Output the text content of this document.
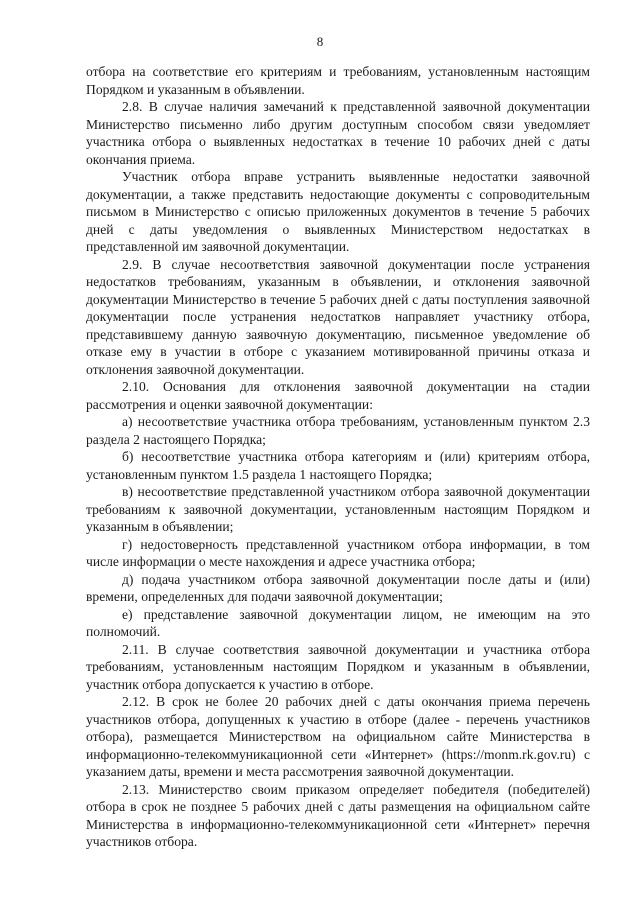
8

отбора на соответствие его критериям и требованиям, установленным настоящим Порядком и указанным в объявлении.

2.8. В случае наличия замечаний к представленной заявочной документации Министерство письменно либо другим доступным способом связи уведомляет участника отбора о выявленных недостатках в течение 10 рабочих дней с даты окончания приема.

Участник отбора вправе устранить выявленные недостатки заявочной документации, а также представить недостающие документы с сопроводительным письмом в Министерство с описью приложенных документов в течение 5 рабочих дней с даты уведомления о выявленных Министерством недостатках в представленной им заявочной документации.

2.9. В случае несоответствия заявочной документации после устранения недостатков требованиям, указанным в объявлении, и отклонения заявочной документации Министерство в течение 5 рабочих дней с даты поступления заявочной документации после устранения недостатков направляет участнику отбора, представившему данную заявочную документацию, письменное уведомление об отказе ему в участии в отборе с указанием мотивированной причины отказа и отклонения заявочной документации.

2.10. Основания для отклонения заявочной документации на стадии рассмотрения и оценки заявочной документации:

а) несоответствие участника отбора требованиям, установленным пунктом 2.3 раздела 2 настоящего Порядка;

б) несоответствие участника отбора категориям и (или) критериям отбора, установленным пунктом 1.5 раздела 1 настоящего Порядка;

в) несоответствие представленной участником отбора заявочной документации требованиям к заявочной документации, установленным настоящим Порядком и указанным в объявлении;

г) недостоверность представленной участником отбора информации, в том числе информации о месте нахождения и адресе участника отбора;

д) подача участником отбора заявочной документации после даты и (или) времени, определенных для подачи заявочной документации;

е) представление заявочной документации лицом, не имеющим на это полномочий.

2.11. В случае соответствия заявочной документации и участника отбора требованиям, установленным настоящим Порядком и указанным в объявлении, участник отбора допускается к участию в отборе.

2.12. В срок не более 20 рабочих дней с даты окончания приема перечень участников отбора, допущенных к участию в отборе (далее - перечень участников отбора), размещается Министерством на официальном сайте Министерства в информационно-телекоммуникационной сети «Интернет» (https://monm.rk.gov.ru) с указанием даты, времени и места рассмотрения заявочной документации.

2.13. Министерство своим приказом определяет победителя (победителей) отбора в срок не позднее 5 рабочих дней с даты размещения на официальном сайте Министерства в информационно-телекоммуникационной сети «Интернет» перечня участников отбора.
